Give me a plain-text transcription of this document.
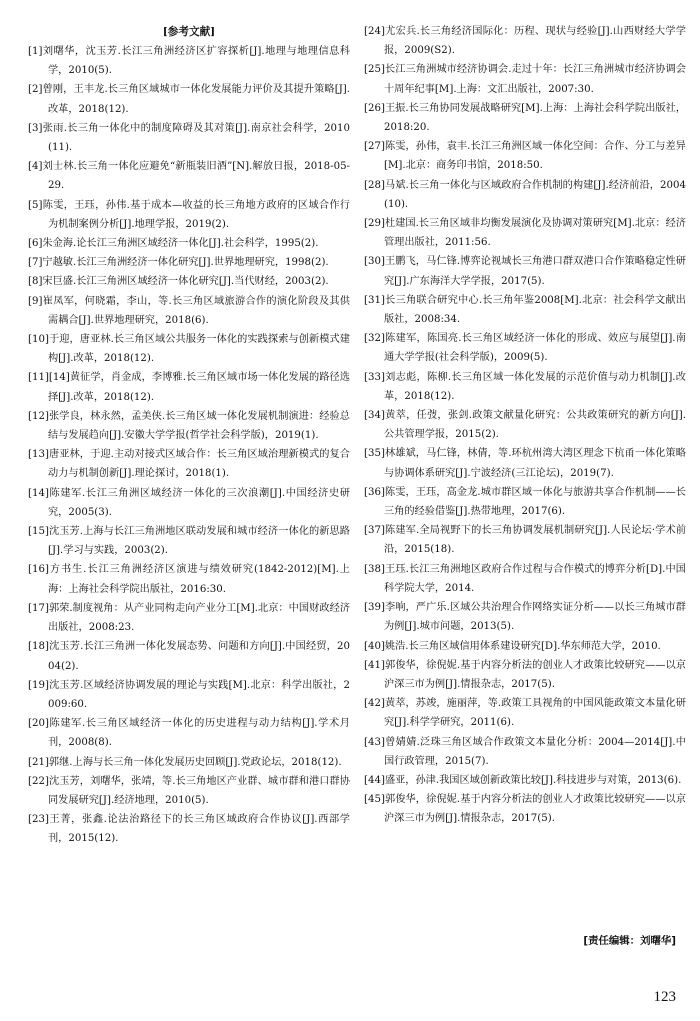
[参考文献]

[1]刘曙华，沈玉芳.长江三角洲经济区扩容探析[J].地理与地理信息科学，2010(5).

[2]曾刚，王丰龙.长三角区域城市一体化发展能力评价及其提升策略[J].改革，2018(12).

[3]张雨.长三角一体化中的制度障碍及其对策[J].南京社会科学，2010(11).

[4]刘士林.长三角一体化应避免“新瓶装旧酒”[N].解放日报，2018-05-29.

[5]陈雯，王珏，孙伟.基于成本—收益的长三角地方政府的区域合作行为机制案例分析[J].地理学报，2019(2).

[6]朱金海.论长江三角洲区域经济一体化[J].社会科学，1995(2).

[7]宁越敏.长江三角洲经济一体化研究[J].世界地理研究，1998(2).

[8]宋巨盛.长江三角洲区域经济一体化研究[J].当代财经，2003(2).

[9]崔凤军，何晓霜，李山，等.长三角区域旅游合作的演化阶段及其供需耦合[J].世界地理研究，2018(6).

[10]于迎，唐亚林.长三角区域公共服务一体化的实践探索与创新模式建构[J].改革，2018(12).

[11][14]黄征学，肖金成，李博雅.长三角区域市场一体化发展的路径选择[J].改革，2018(12).

[12]张学良，林永然，孟美侠.长三角区域一体化发展机制演进：经验总结与发展趋向[J].安徽大学学报(哲学社会科学版)，2019(1).

[13]唐亚林，于迎.主动对接式区域合作：长三角区域治理新模式的复合动力与机制创新[J].理论探讨，2018(1).

[14]陈建军.长江三角洲区域经济一体化的三次浪潮[J].中国经济史研究，2005(3).

[15]沈玉芳.上海与长江三角洲地区联动发展和城市经济一体化的新思路[J].学习与实践，2003(2).

[16]方书生.长江三角洲经济区演进与绩效研究(1842-2012)[M].上海：上海社会科学院出版社，2016:30.

[17]郭荣.制度视角：从产业同构走向产业分工[M].北京：中国财政经济出版社，2008:23.

[18]沈玉芳.长江三角洲一体化发展态势、问题和方向[J].中国经贸，2004(2).

[19]沈玉芳.区域经济协调发展的理论与实践[M].北京：科学出版社，2009:60.

[20]陈建军.长三角区域经济一体化的历史进程与动力结构[J].学术月刊，2008(8).

[21]郭继.上海与长三角一体化发展历史回顾[J].党政论坛，2018(12).

[22]沈玉芳，刘曙华，张靖，等.长三角地区产业群、城市群和港口群协同发展研究[J].经济地理，2010(5).

[23]王菁，张鑫.论法治路径下的长三角区域政府合作协议[J].西部学刊，2015(12).

[24]尤宏兵.长三角经济国际化：历程、现状与经验[J].山西财经大学学报，2009(S2).

[25]长江三角洲城市经济协调会.走过十年：长江三角洲城市经济协调会十周年纪事[M].上海：文汇出版社，2007:30.

[26]王振.长三角协同发展战略研究[M].上海：上海社会科学院出版社，2018:20.

[27]陈雯，孙伟，袁丰.长江三角洲区域一体化空间：合作、分工与差异[M].北京：商务印书馆，2018:50.

[28]马斌.长三角一体化与区域政府合作机制的构建[J].经济前沿，2004(10).

[29]杜建国.长三角区域非均衡发展演化及协调对策研究[M].北京：经济管理出版社，2011:56.

[30]王鹏飞，马仁锋.博弈论视域长三角港口群双港口合作策略稳定性研究[J].广东海洋大学学报，2017(5).

[31]长三角联合研究中心.长三角年鉴2008[M].北京：社会科学文献出版社，2008:34.

[32]陈建军，陈国亮.长三角区域经济一体化的形成、效应与展望[J].南通大学学报(社会科学版)，2009(5).

[33]刘志彪，陈柳.长三角区域一体化发展的示范价值与动力机制[J].改革，2018(12).

[34]黄萃，任弢，张剑.政策文献量化研究：公共政策研究的新方向[J].公共管理学报，2015(2).

[35]林雄斌，马仁锋，林倩，等.环杭州湾大湾区理念下杭甬一体化策略与协调体系研究[J].宁波经济(三江论坛)，2019(7).

[36]陈雯，王珏，高金龙.城市群区域一体化与旅游共享合作机制——长三角的经验借鉴[J].热带地理，2017(6).

[37]陈建军.全局视野下的长三角协调发展机制研究[J].人民论坛·学术前沿，2015(18).

[38]王珏.长江三角洲地区政府合作过程与合作模式的博弈分析[D].中国科学院大学，2014.

[39]李响，严广乐.区域公共治理合作网络实证分析——以长三角城市群为例[J].城市问题，2013(5).

[40]姚浩.长三角区域信用体系建设研究[D].华东师范大学，2010.

[41]郭俊华，徐倪妮.基于内容分析法的创业人才政策比较研究——以京沪深三市为例[J].情报杂志，2017(5).

[42]黄萃，苏竣，施丽萍，等.政策工具视角的中国风能政策文本量化研究[J].科学学研究，2011(6).

[43]曾婧婧.泛珠三角区域合作政策文本量化分析：2004—2014[J].中国行政管理，2015(7).

[44]盛亚，孙津.我国区域创新政策比较[J].科技进步与对策，2013(6).

[45]郭俊华，徐倪妮.基于内容分析法的创业人才政策比较研究——以京沪深三市为例[J].情报杂志，2017(5).

[责任编辑：刘曙华]
123
